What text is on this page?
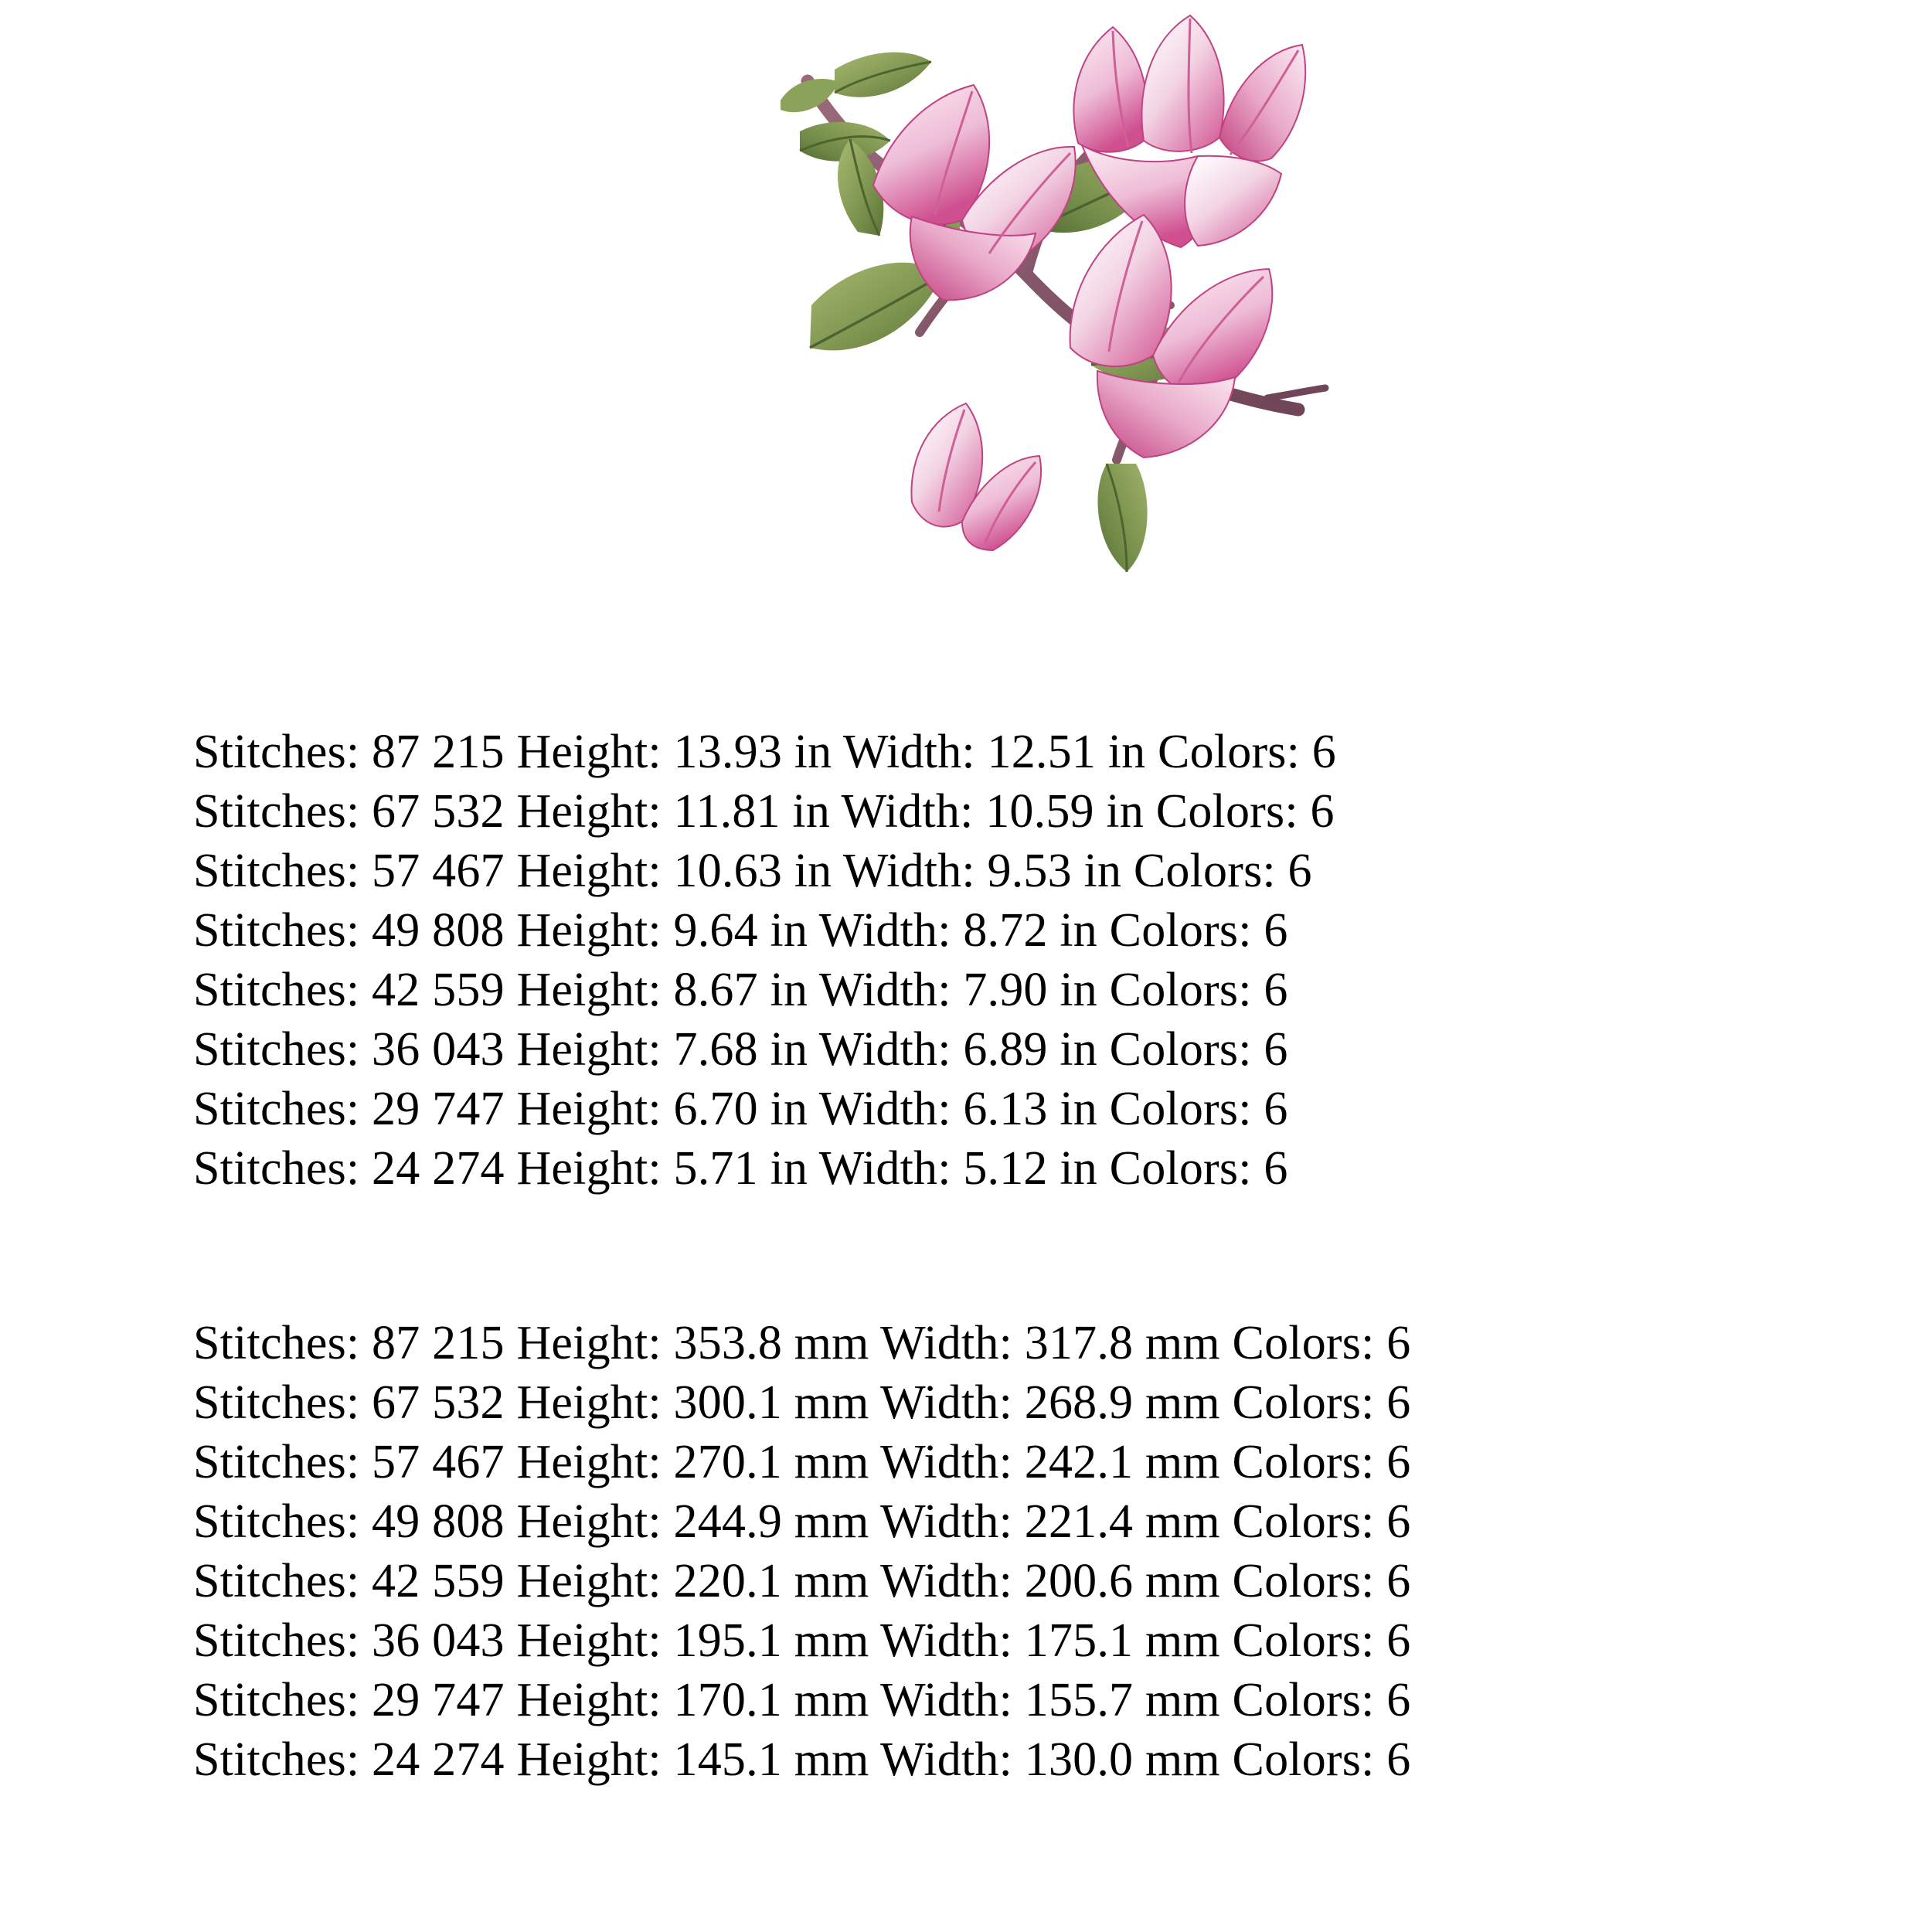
Stitches: 87 215 Height: 13.93 in Width: 12.51 in Colors: 6
Stitches: 67 532 Height: 11.81 in Width: 10.59 in Colors: 6
Stitches: 57 467 Height: 10.63 in Width: 9.53 in Colors: 6
Stitches: 49 808 Height: 9.64 in Width: 8.72 in Colors: 6
Stitches: 42 559 Height: 8.67 in Width: 7.90 in Colors: 6
Stitches: 36 043 Height: 7.68 in Width: 6.89 in Colors: 6
Stitches: 29 747 Height: 6.70 in Width: 6.13 in Colors: 6
Stitches: 24 274 Height: 5.71 in Width: 5.12 in Colors: 6
Stitches: 87 215 Height: 353.8 mm Width: 317.8 mm Colors: 6
Stitches: 67 532 Height: 300.1 mm Width: 268.9 mm Colors: 6
Stitches: 57 467 Height: 270.1 mm Width: 242.1 mm Colors: 6
Stitches: 49 808 Height: 244.9 mm Width: 221.4 mm Colors: 6
Stitches: 42 559 Height: 220.1 mm Width: 200.6 mm Colors: 6
Stitches: 36 043 Height: 195.1 mm Width: 175.1 mm Colors: 6
Stitches: 29 747 Height: 170.1 mm Width: 155.7 mm Colors: 6
Stitches: 24 274 Height: 145.1 mm Width: 130.0 mm Colors: 6
